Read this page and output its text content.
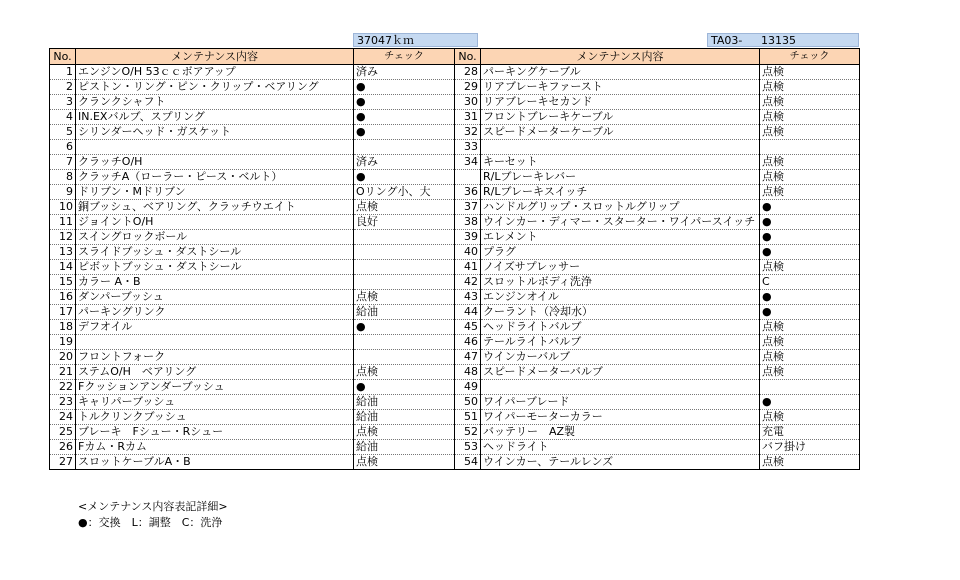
37047ｋｍ	TA03- 13135
No.	メンテナンス内容	チェック	No.	メンテナンス内容	チェック
1	エンジンO/H 53ｃｃボアアップ	済み	28	パーキングケーブル	点検
2	ピストン・リング・ピン・クリップ・ベアリング	●	29	リアブレーキファースト	点検
3	クランクシャフト	●	30	リアブレーキセカンド	点検
4	IN.EXバルブ、スプリング	●	31	フロントブレーキケーブル	点検
5	シリンダーヘッド・ガスケット	●	32	スピードメーターケーブル	点検
6			33		
7	クラッチO/H	済み	34	キーセット	点検
8	クラッチA（ローラー・ピース・ベルト）	●		R/Lブレーキレバー	点検
9	ドリブン・Mドリブン	Oリング小、大	36	R/Lブレーキスイッチ	点検
10	銅ブッシュ、ベアリング、クラッチウエイト	点検	37	ハンドルグリップ・スロットルグリップ	●
11	ジョイントO/H	良好	38	ウインカー・ディマー・スターター・ワイパースイッチ	●
12	スイングロックボール		39	エレメント	●
13	スライドブッシュ・ダストシール		40	プラグ	●
14	ピボットブッシュ・ダストシール		41	ノイズサプレッサー	点検
15	カラー A・B		42	スロットルボディ洗浄	C
16	ダンパーブッシュ	点検	43	エンジンオイル	●
17	パーキングリンク	給油	44	クーラント（冷却水）	●
18	デフオイル	●	45	ヘッドライトバルブ	点検
19			46	テールライトバルブ	点検
20	フロントフォーク		47	ウインカーバルブ	点検
21	ステムO/H　ベアリング	点検	48	スピードメーターバルブ	点検
22	Fクッションアンダーブッシュ	●	49		
23	キャリパーブッシュ	給油	50	ワイパーブレード	●
24	トルクリンクブッシュ	給油	51	ワイパーモーターカラー	点検
25	ブレーキ　Fシュー・Rシュー	点検	52	バッテリー　AZ製	充電
26	Fカム・Rカム	給油	53	ヘッドライト	バフ掛け
27	スロットケーブルA・B	点検	54	ウインカー、テールレンズ	点検
<メンテナンス内容表記詳細>
●：交換　L：調整　C：洗浄
